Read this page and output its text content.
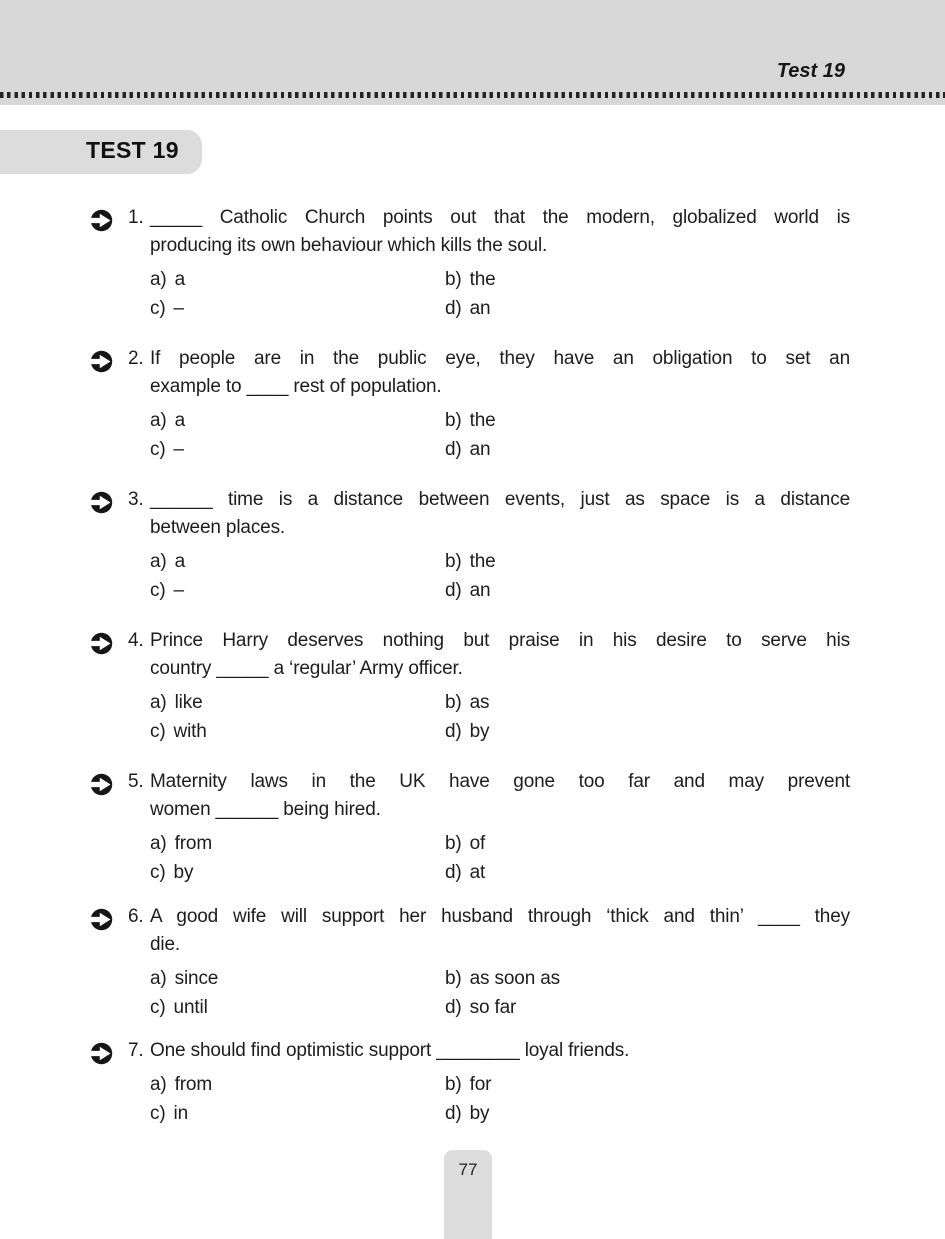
Test 19
TEST 19
1. _____ Catholic Church points out that the modern, globalized world is
producing its own behaviour which kills the soul.
a) a	b) the
c) –	d) an
2. If people are in the public eye, they have an obligation to set an
example to ____ rest of population.
a) a	b) the
c) –	d) an
3. ______ time is a distance between events, just as space is a distance
between places.
a) a	b) the
c) –	d) an
4. Prince Harry deserves nothing but praise in his desire to serve his
country _____ a ‘regular’ Army officer.
a) like	b) as
c) with	d) by
5. Maternity laws in the UK have gone too far and may prevent
women ______ being hired.
a) from	b) of
c) by	d) at
6. A good wife will support her husband through ‘thick and thin’ ____ they
die.
a) since	b) as soon as
c) until	d) so far
7. One should find optimistic support ________ loyal friends.
a) from	b) for
c) in	d) by
77
